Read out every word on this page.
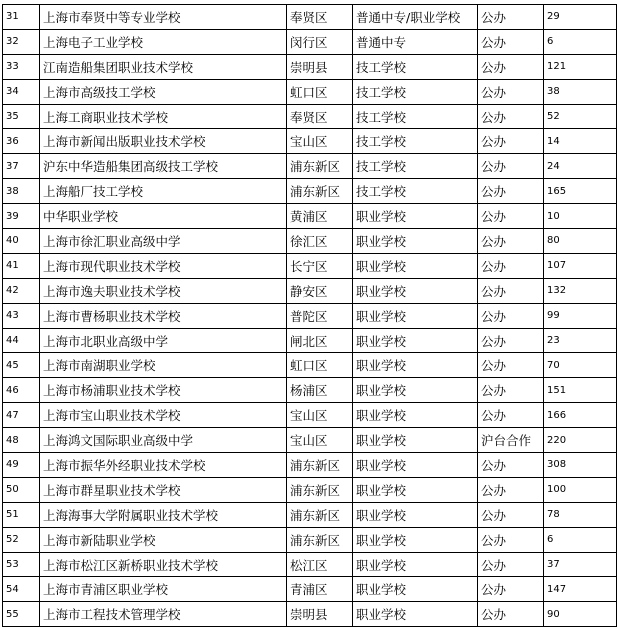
31	上海市奉贤中等专业学校	奉贤区	普通中专/职业学校	公办	29
32	上海电子工业学校	闵行区	普通中专	公办	6
33	江南造船集团职业技术学校	崇明县	技工学校	公办	121
34	上海市高级技工学校	虹口区	技工学校	公办	38
35	上海工商职业技术学校	奉贤区	技工学校	公办	52
36	上海市新闻出版职业技术学校	宝山区	技工学校	公办	14
37	沪东中华造船集团高级技工学校	浦东新区	技工学校	公办	24
38	上海船厂技工学校	浦东新区	技工学校	公办	165
39	中华职业学校	黄浦区	职业学校	公办	10
40	上海市徐汇职业高级中学	徐汇区	职业学校	公办	80
41	上海市现代职业技术学校	长宁区	职业学校	公办	107
42	上海市逸夫职业技术学校	静安区	职业学校	公办	132
43	上海市曹杨职业技术学校	普陀区	职业学校	公办	99
44	上海市北职业高级中学	闸北区	职业学校	公办	23
45	上海市南湖职业学校	虹口区	职业学校	公办	70
46	上海市杨浦职业技术学校	杨浦区	职业学校	公办	151
47	上海市宝山职业技术学校	宝山区	职业学校	公办	166
48	上海鸿文国际职业高级中学	宝山区	职业学校	沪台合作	220
49	上海市振华外经职业技术学校	浦东新区	职业学校	公办	308
50	上海市群星职业技术学校	浦东新区	职业学校	公办	100
51	上海海事大学附属职业技术学校	浦东新区	职业学校	公办	78
52	上海市新陆职业学校	浦东新区	职业学校	公办	6
53	上海市松江区新桥职业技术学校	松江区	职业学校	公办	37
54	上海市青浦区职业学校	青浦区	职业学校	公办	147
55	上海市工程技术管理学校	崇明县	职业学校	公办	90
